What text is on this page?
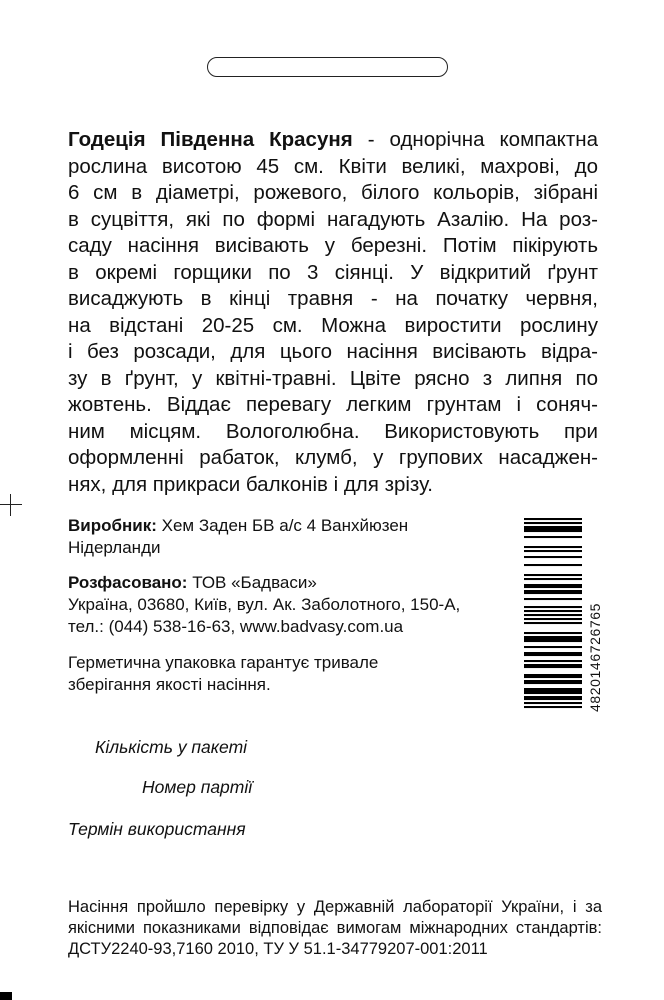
Годеція Південна Красуня - однорічна компактна
рослина висотою 45 см. Квіти великі, махрові, до
6 см в діаметрі, рожевого, білого кольорів, зібрані
в суцвіття, які по формі нагадують Азалію. На роз-
саду насіння висівають у березні. Потім пікірують
в окремі горщики по 3 сіянці. У відкритий ґрунт
висаджують в кінці травня - на початку червня,
на відстані 20-25 см. Можна виростити рослину
і без розсади, для цього насіння висівають відра-
зу в ґрунт, у квітні-травні. Цвіте рясно з липня по
жовтень. Віддає перевагу легким грунтам і соняч-
ним місцям. Вологолюбна. Використовують при
оформленні рабаток, клумб, у групових насаджен-
нях, для прикраси балконів і для зрізу.
Виробник: Хем Заден БВ а/с 4 Ванхйюзен
Нідерланди
Розфасовано: ТОВ «Бадваси»
Україна, 03680, Київ, вул. Ак. Заболотного, 150-А,
тел.: (044) 538-16-63, www.badvasy.com.ua
Герметична упаковка гарантує тривале
зберігання якості насіння.
Кількість у пакеті
Номер партії
Термін використання
Насіння пройшло перевірку у Державній лабораторії України, і за
якісними показниками відповідає вимогам міжнародних стандартів:
ДСТУ2240-93,7160 2010, ТУ У 51.1-34779207-001:2011
4820146726765
